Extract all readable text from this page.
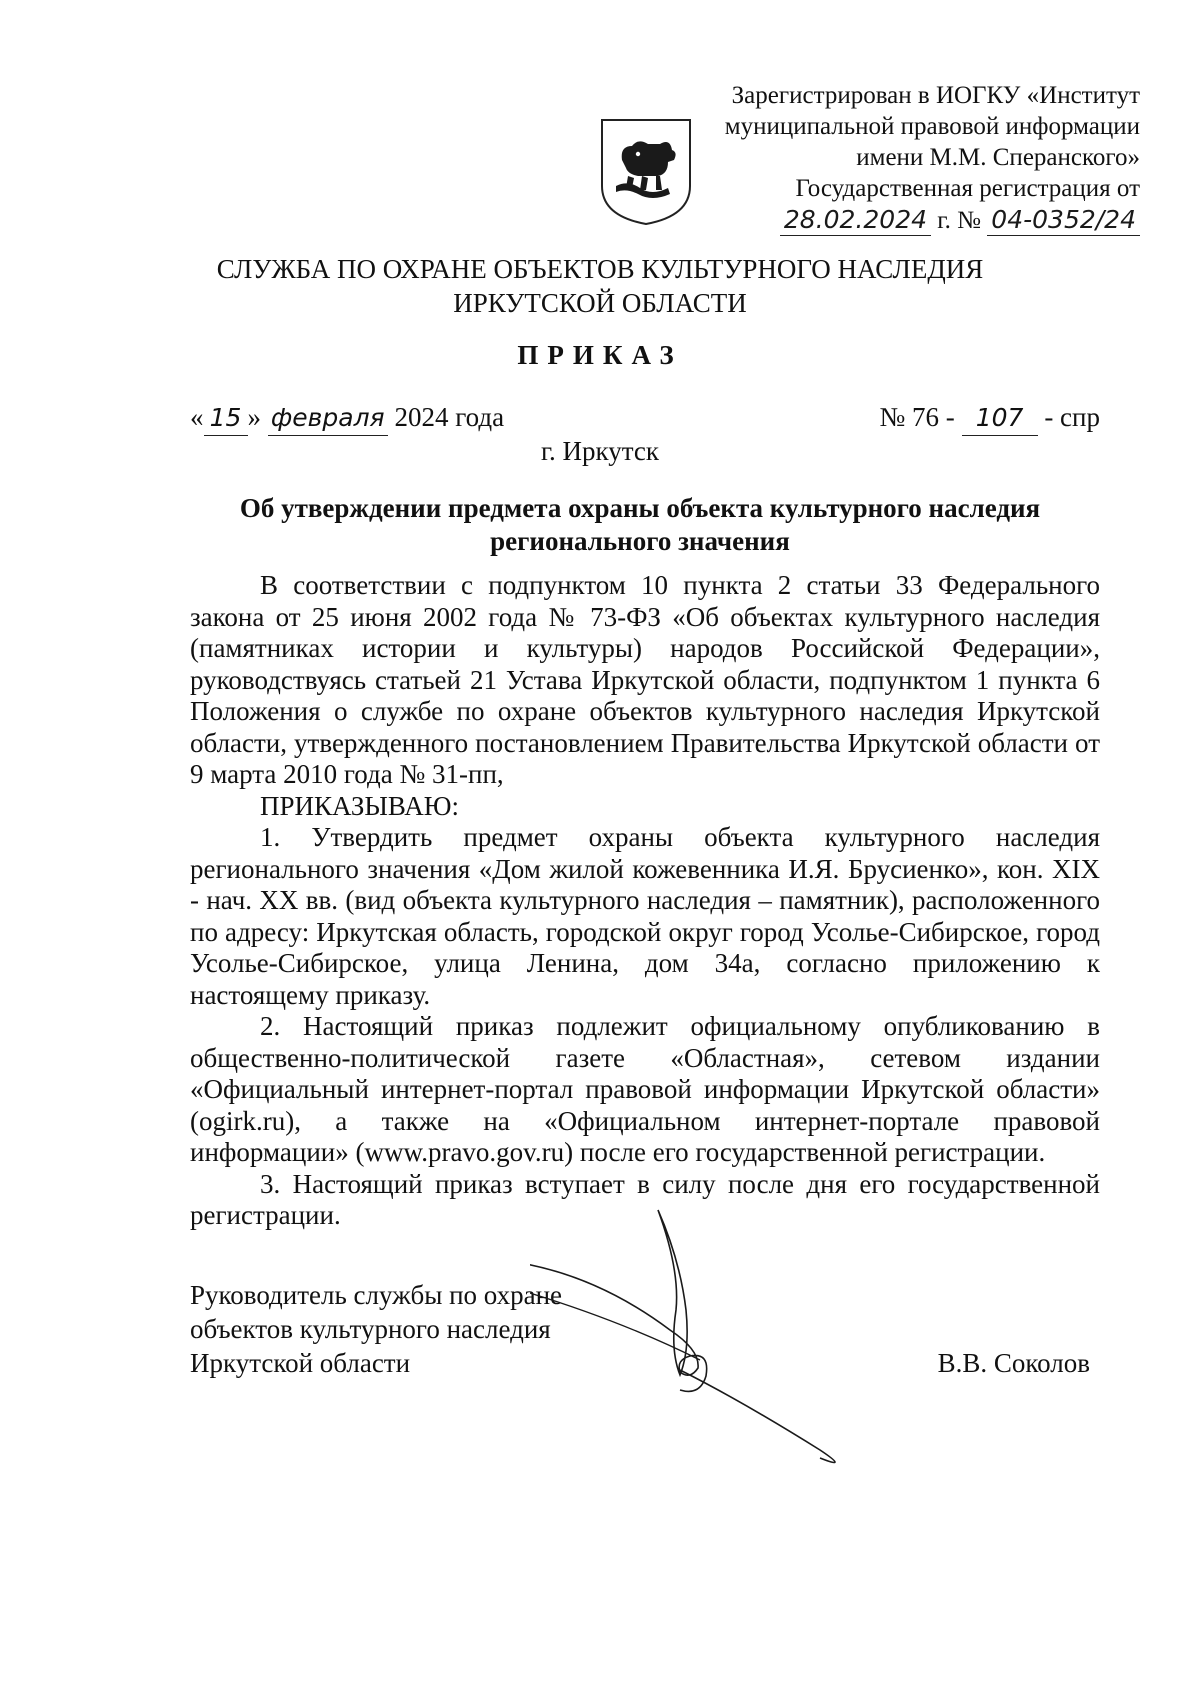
Зарегистрирован в ИОГКУ «Институт
муниципальной правовой информации
имени М.М. Сперанского»
Государственная регистрация от
28.02.2024 г. № 04-0352/24
СЛУЖБА ПО ОХРАНЕ ОБЪЕКТОВ КУЛЬТУРНОГО НАСЛЕДИЯ
ИРКУТСКОЙ ОБЛАСТИ
ПРИКАЗ
« 15 » февраля 2024 года	№ 76 - 107 - спр
г. Иркутск
Об утверждении предмета охраны объекта культурного наследия
регионального значения

В соответствии с подпунктом 10 пункта 2 статьи 33 Федерального закона от 25 июня 2002 года № 73-ФЗ «Об объектах культурного наследия (памятниках истории и культуры) народов Российской Федерации», руководствуясь статьей 21 Устава Иркутской области, подпунктом 1 пункта 6 Положения о службе по охране объектов культурного наследия Иркутской области, утвержденного постановлением Правительства Иркутской области от 9 марта 2010 года № 31-пп,

ПРИКАЗЫВАЮ:

1. Утвердить предмет охраны объекта культурного наследия регионального значения «Дом жилой кожевенника И.Я. Брусиенко», кон. XIX - нач. XX вв. (вид объекта культурного наследия – памятник), расположенного по адресу: Иркутская область, городской округ город Усолье-Сибирское, город Усолье-Сибирское, улица Ленина, дом 34а, согласно приложению к настоящему приказу.

2. Настоящий приказ подлежит официальному опубликованию в общественно-политической газете «Областная», сетевом издании «Официальный интернет-портал правовой информации Иркутской области» (ogirk.ru), а также на «Официальном интернет-портале правовой информации» (www.pravo.gov.ru) после его государственной регистрации.

3. Настоящий приказ вступает в силу после дня его государственной регистрации.

Руководитель службы по охране
объектов культурного наследия
Иркутской области	В.В. Соколов
